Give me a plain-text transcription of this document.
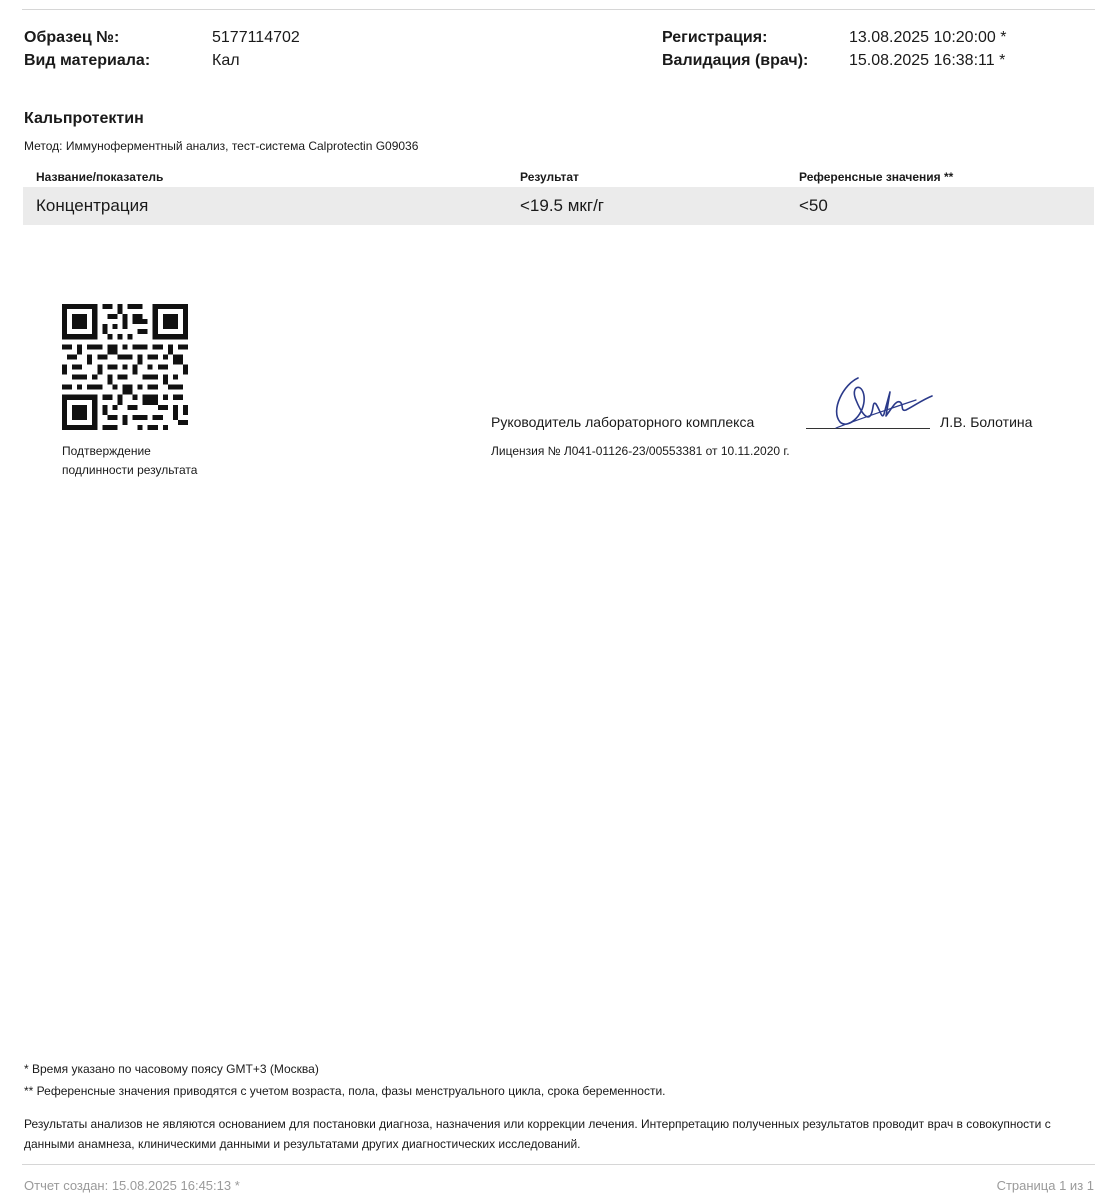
Образец №:	5177114702
Вид материала:	Кал
Регистрация:	13.08.2025 10:20:00 *
Валидация (врач):	15.08.2025 16:38:11 *
Кальпротектин
Метод: Иммуноферментный анализ, тест-система Calprotectin G09036
Название/показатель	Результат	Референсные значения **
Концентрация	<19.5 мкг/г	<50
Подтверждение
подлинности результата
Руководитель лабораторного комплекса	Л.В. Болотина
Лицензия № Л041-01126-23/00553381 от 10.11.2020 г.
* Время указано по часовому поясу GMT+3 (Москва)
** Референсные значения приводятся с учетом возраста, пола, фазы менструального цикла, срока беременности.
Результаты анализов не являются основанием для постановки диагноза, назначения или коррекции лечения. Интерпретацию полученных результатов проводит врач в совокупности с данными анамнеза, клиническими данными и результатами других диагностических исследований.
Отчет создан: 15.08.2025 16:45:13 *	Страница 1 из 1
